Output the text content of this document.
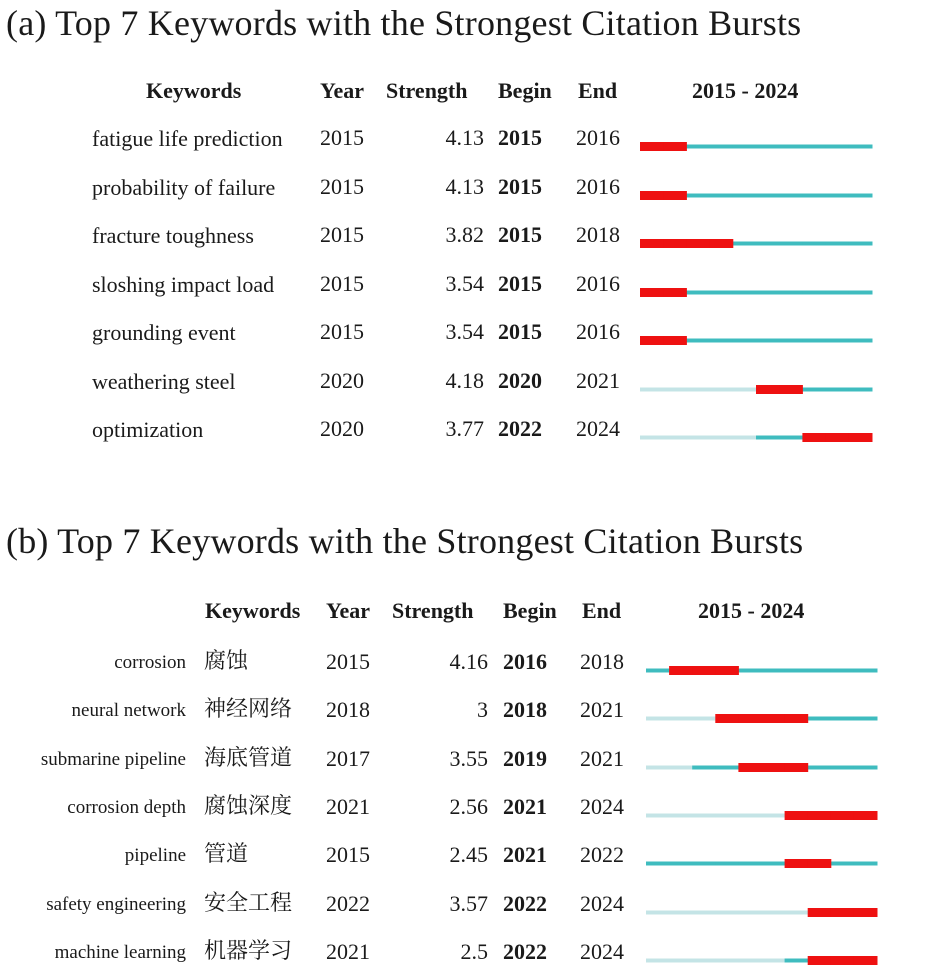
(a) Top 7 Keywords with the Strongest Citation Bursts
Keywords	Year Strength Begin End	2015 - 2024
fatigue life prediction	2015	4.13 2015 2016
probability of failure	2015	4.13 2015 2016
fracture toughness	2015	3.82 2015 2018
sloshing impact load	2015	3.54 2015 2016
grounding event	2015	3.54 2015 2016
weathering steel	2020	4.18 2020 2021
optimization	2020	3.77 2022 2024
(b) Top 7 Keywords with the Strongest Citation Bursts
Keywords Year Strength Begin End	2015 - 2024
corrosion 腐蚀	2015	4.16 2016 2018
neural network 神经网络 2018	3 2018 2021
submarine pipeline 海底管道 2017	3.55 2019 2021
corrosion depth 腐蚀深度 2021	2.56 2021 2024
pipeline 管道	2015	2.45 2021 2022
safety engineering 安全工程 2022	3.57 2022 2024
machine learning 机器学习 2021	2.5 2022 2024
